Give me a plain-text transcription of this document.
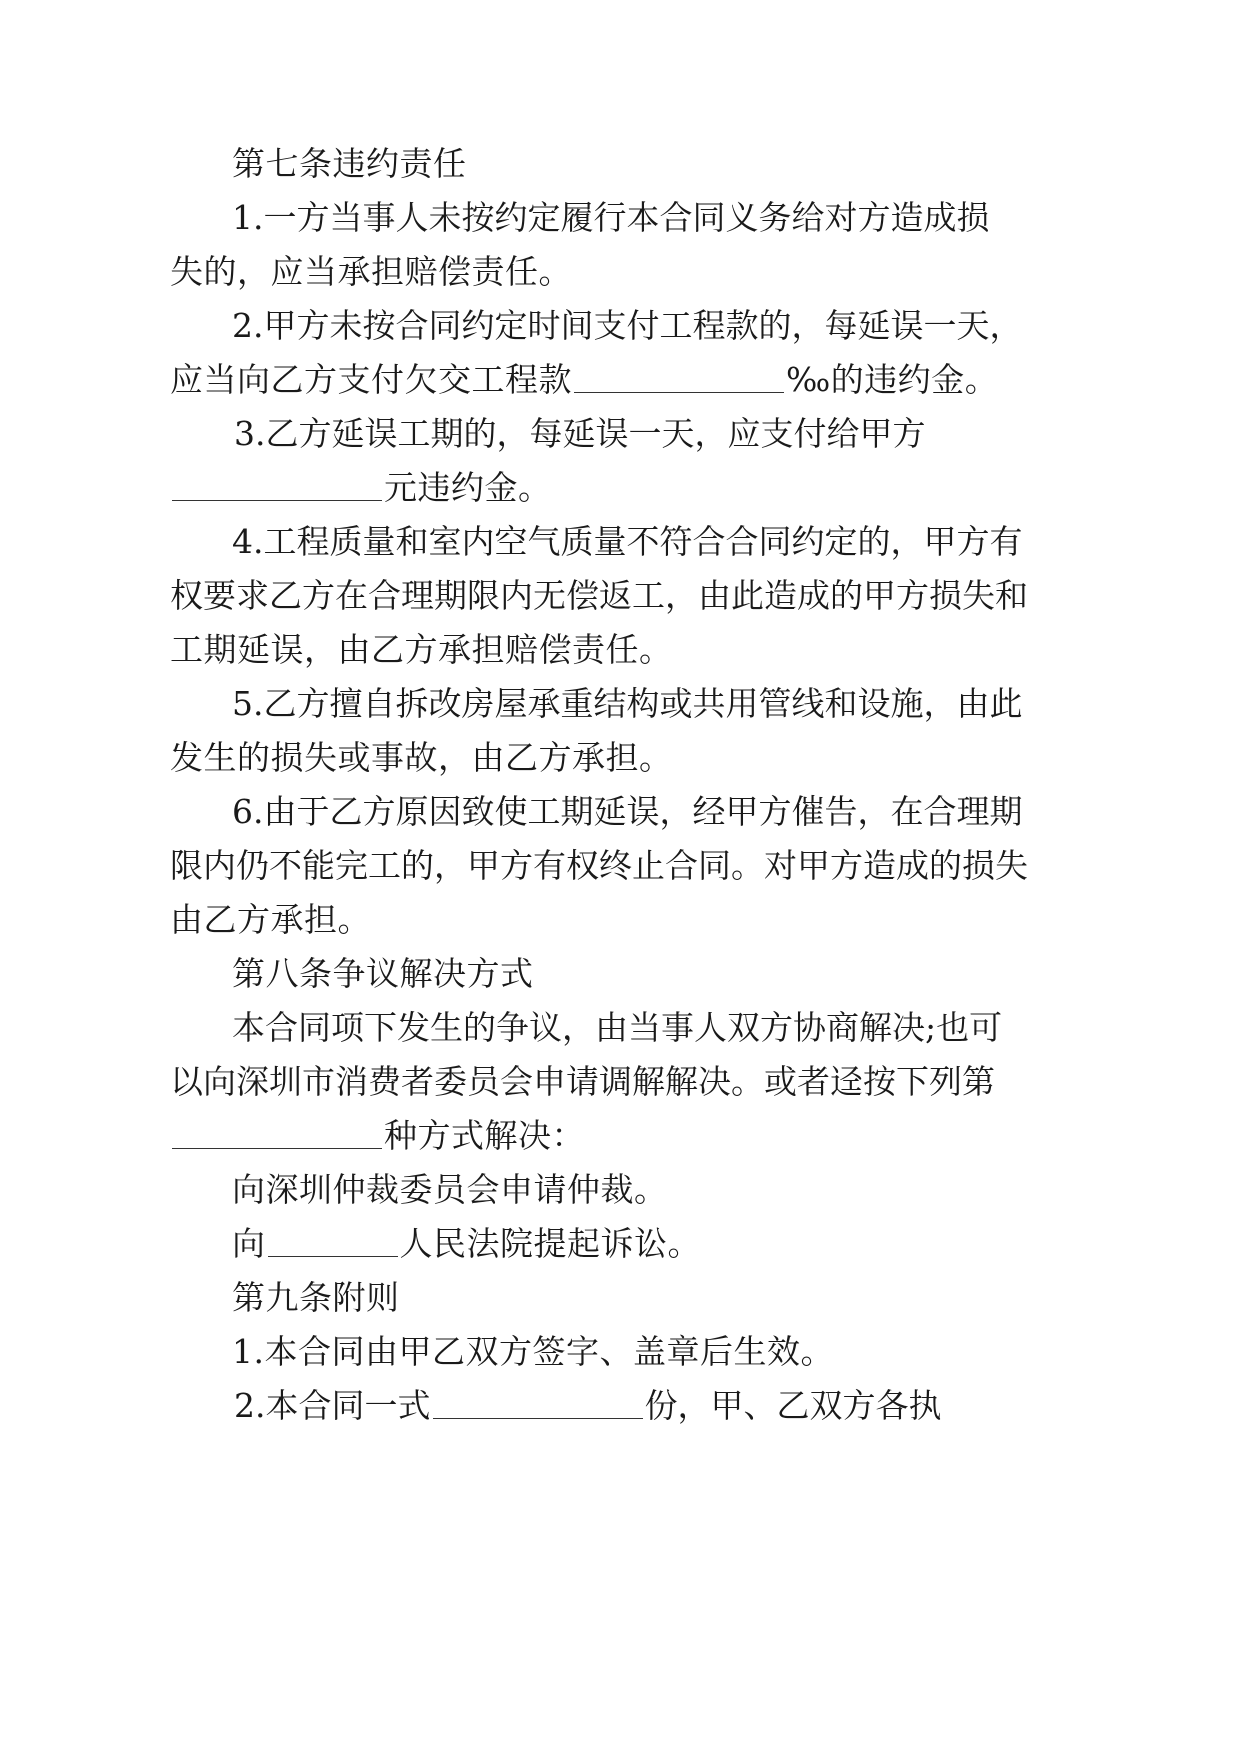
第七条违约责任
1.一方当事人未按约定履行本合同义务给对方造成损
失的，应当承担赔偿责任。
2.甲方未按合同约定时间支付工程款的，每延误一天，
应当向乙方支付欠交工程款	‰的违约金。
3.乙方延误工期的，每延误一天，应支付给甲方
元违约金。
4.工程质量和室内空气质量不符合合同约定的，甲方有
权要求乙方在合理期限内无偿返工，由此造成的甲方损失和
工期延误，由乙方承担赔偿责任。
5.乙方擅自拆改房屋承重结构或共用管线和设施，由此
发生的损失或事故，由乙方承担。
6.由于乙方原因致使工期延误，经甲方催告，在合理期
限内仍不能完工的，甲方有权终止合同。对甲方造成的损失
由乙方承担。
第八条争议解决方式
本合同项下发生的争议，由当事人双方协商解决;也可
以向深圳市消费者委员会申请调解解决。或者迳按下列第
种方式解决：
向深圳仲裁委员会申请仲裁。
向	人民法院提起诉讼。
第九条附则
1.本合同由甲乙双方签字、盖章后生效。
2.本合同一式	份，甲、乙双方各执
